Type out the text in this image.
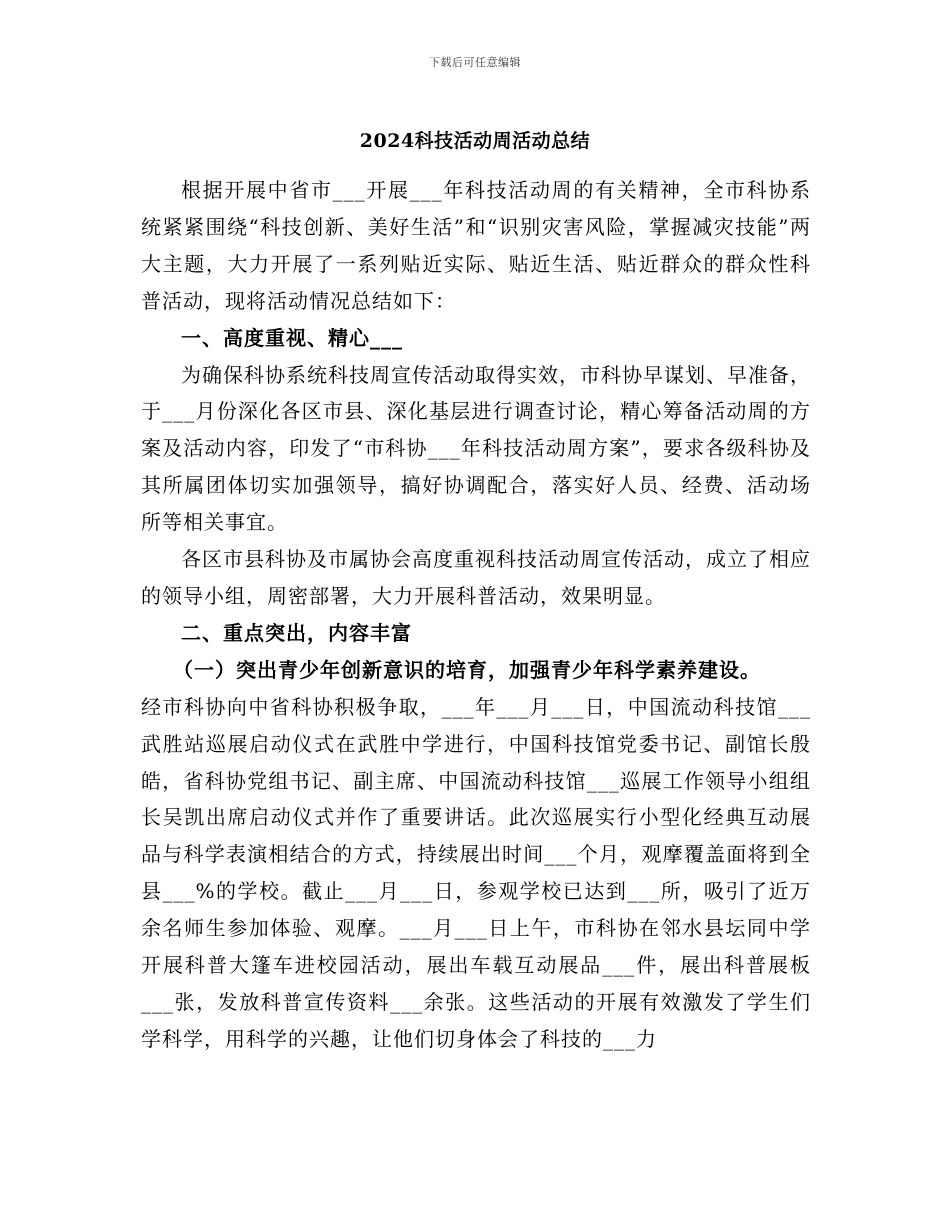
下载后可任意编辑
2024科技活动周活动总结

根据开展中省市___开展___年科技活动周的有关精神，全市科协系统紧紧围绕“科技创新、美好生活”和“识别灾害风险，掌握减灾技能”两大主题，大力开展了一系列贴近实际、贴近生活、贴近群众的群众性科普活动，现将活动情况总结如下：

一、高度重视、精心___

为确保科协系统科技周宣传活动取得实效，市科协早谋划、早准备，于___月份深化各区市县、深化基层进行调查讨论，精心筹备活动周的方案及活动内容，印发了“市科协___年科技活动周方案”，要求各级科协及其所属团体切实加强领导，搞好协调配合，落实好人员、经费、活动场所等相关事宜。

各区市县科协及市属协会高度重视科技活动周宣传活动，成立了相应的领导小组，周密部署，大力开展科普活动，效果明显。

二、重点突出，内容丰富

（一）突出青少年创新意识的培育，加强青少年科学素养建设。

经市科协向中省科协积极争取，___年___月___日，中国流动科技馆___武胜站巡展启动仪式在武胜中学进行，中国科技馆党委书记、副馆长殷皓，省科协党组书记、副主席、中国流动科技馆___巡展工作领导小组组长吴凯出席启动仪式并作了重要讲话。此次巡展实行小型化经典互动展品与科学表演相结合的方式，持续展出时间___个月，观摩覆盖面将到全县___%的学校。截止___月___日，参观学校已达到___所，吸引了近万余名师生参加体验、观摩。___月___日上午，市科协在邻水县坛同中学开展科普大篷车进校园活动，展出车载互动展品___件，展出科普展板___张，发放科普宣传资料___余张。这些活动的开展有效激发了学生们学科学，用科学的兴趣，让他们切身体会了科技的___力
